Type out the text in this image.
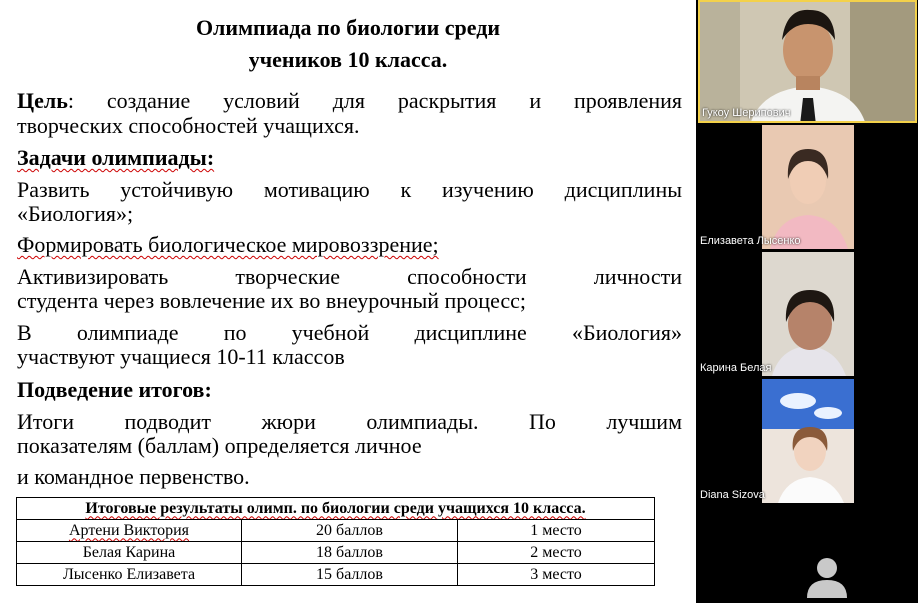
Олимпиада по биологии среди
учеников 10 класса.
Цель: создание условий для раскрытия и проявления
творческих способностей учащихся.
Задачи олимпиады:
Развить устойчивую мотивацию к изучению дисциплины
«Биология»;
Формировать биологическое мировоззрение;
Активизировать творческие способности личности
студента через вовлечение их во внеурочный процесс;
В олимпиаде по учебной дисциплине «Биология»
участвуют учащиеся 10-11 классов
Подведение итогов:
Итоги подводит жюри олимпиады. По лучшим
показателям (баллам) определяется личное
и командное первенство.
Итоговые результаты олимп. по биологии среди учащихся 10 класса.		
Артени Виктория	20 баллов	1 место
Белая Карина	18 баллов	2 место
Лысенко Елизавета	15 баллов	3 место
Гукоу Шерипович
Елизавета Лысенко
Карина Белая
Diana Sizova
